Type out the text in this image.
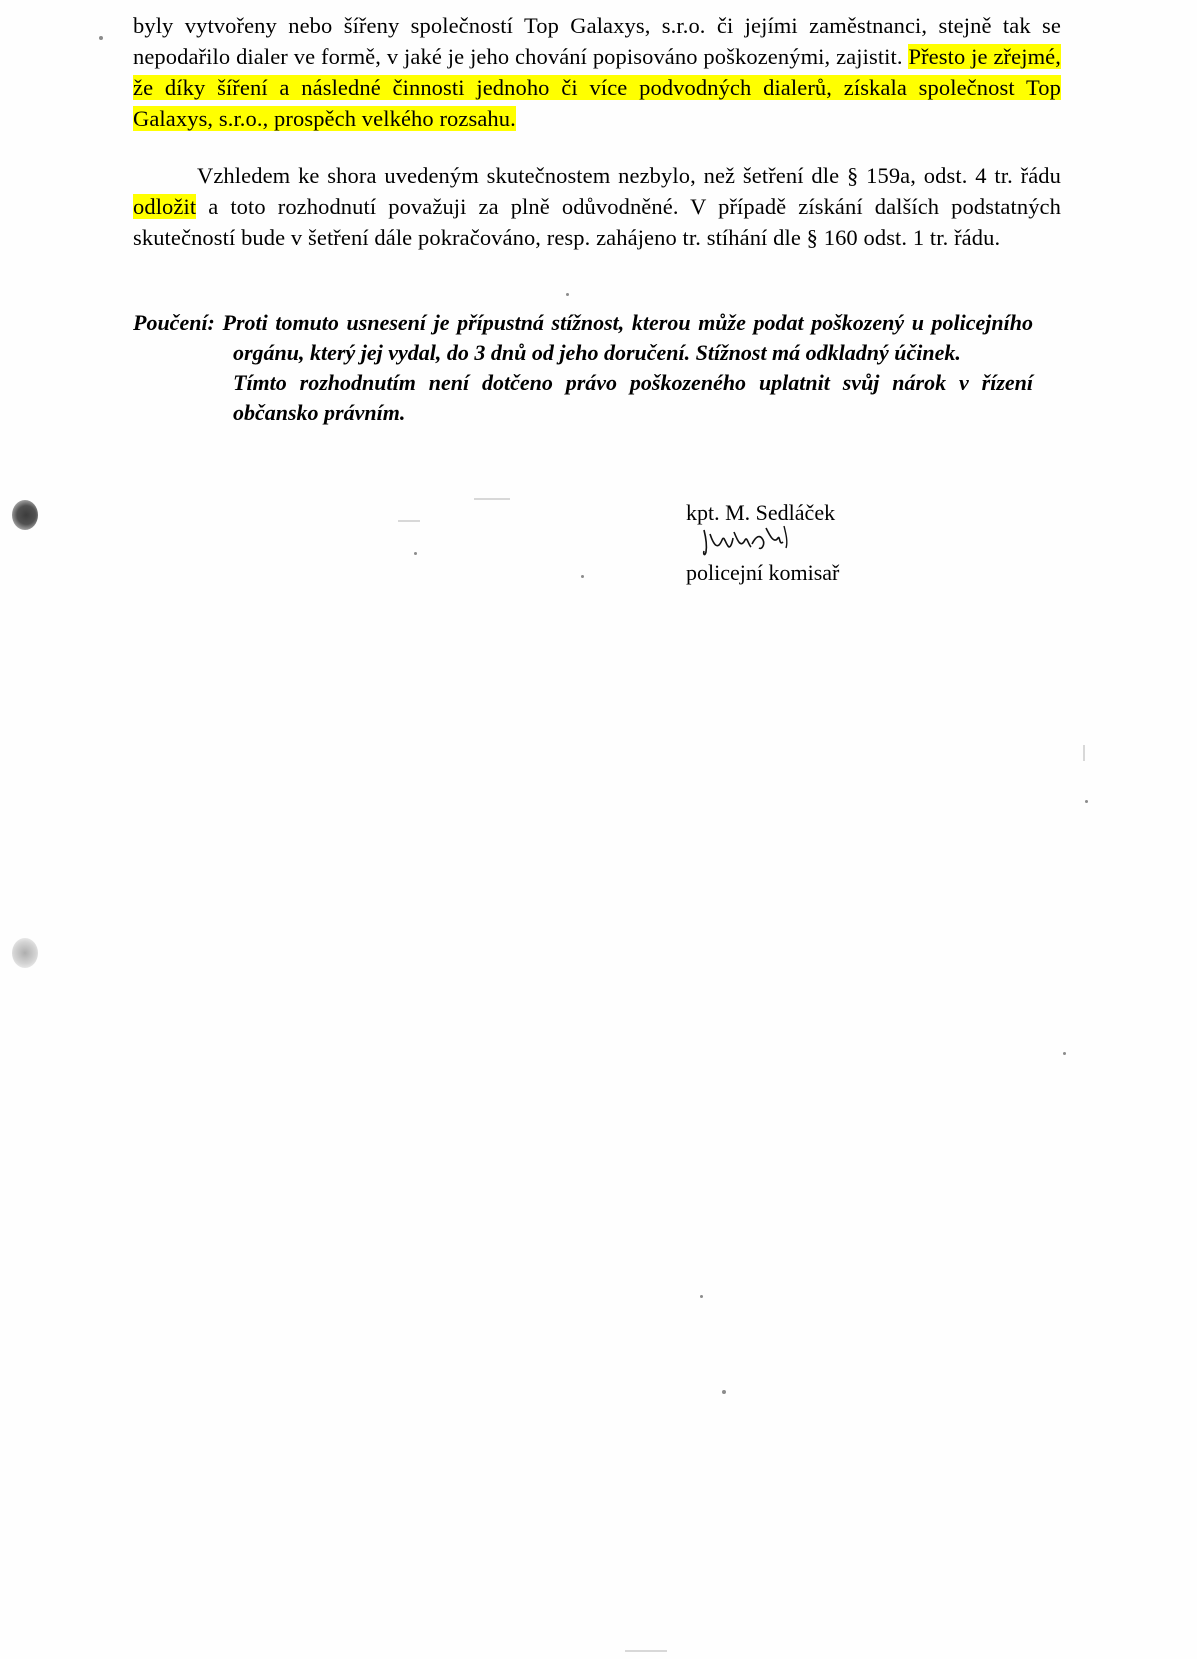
byly vytvořeny nebo šířeny společností Top Galaxys, s.r.o. či jejími zaměstnanci, stejně tak se nepodařilo dialer ve formě, v jaké je jeho chování popisováno poškozenými, zajistit. Přesto je zřejmé, že díky šíření a následné činnosti jednoho či více podvodných dialerů, získala společnost Top Galaxys, s.r.o., prospěch velkého rozsahu.

Vzhledem ke shora uvedeným skutečnostem nezbylo, než šetření dle § 159a, odst. 4 tr. řádu odložit a toto rozhodnutí považuji za plně odůvodněné. V případě získání dalších podstatných skutečností bude v šetření dále pokračováno, resp. zahájeno tr. stíhání dle § 160 odst. 1 tr. řádu.

Poučení: Proti tomuto usnesení je přípustná stížnost, kterou může podat poškozený u policejního orgánu, který jej vydal, do 3 dnů od jeho doručení. Stížnost má odkladný účinek.

Tímto rozhodnutím není dotčeno právo poškozeného uplatnit svůj nárok v řízení občansko právním.

kpt. M. Sedláček
policejní komisař
